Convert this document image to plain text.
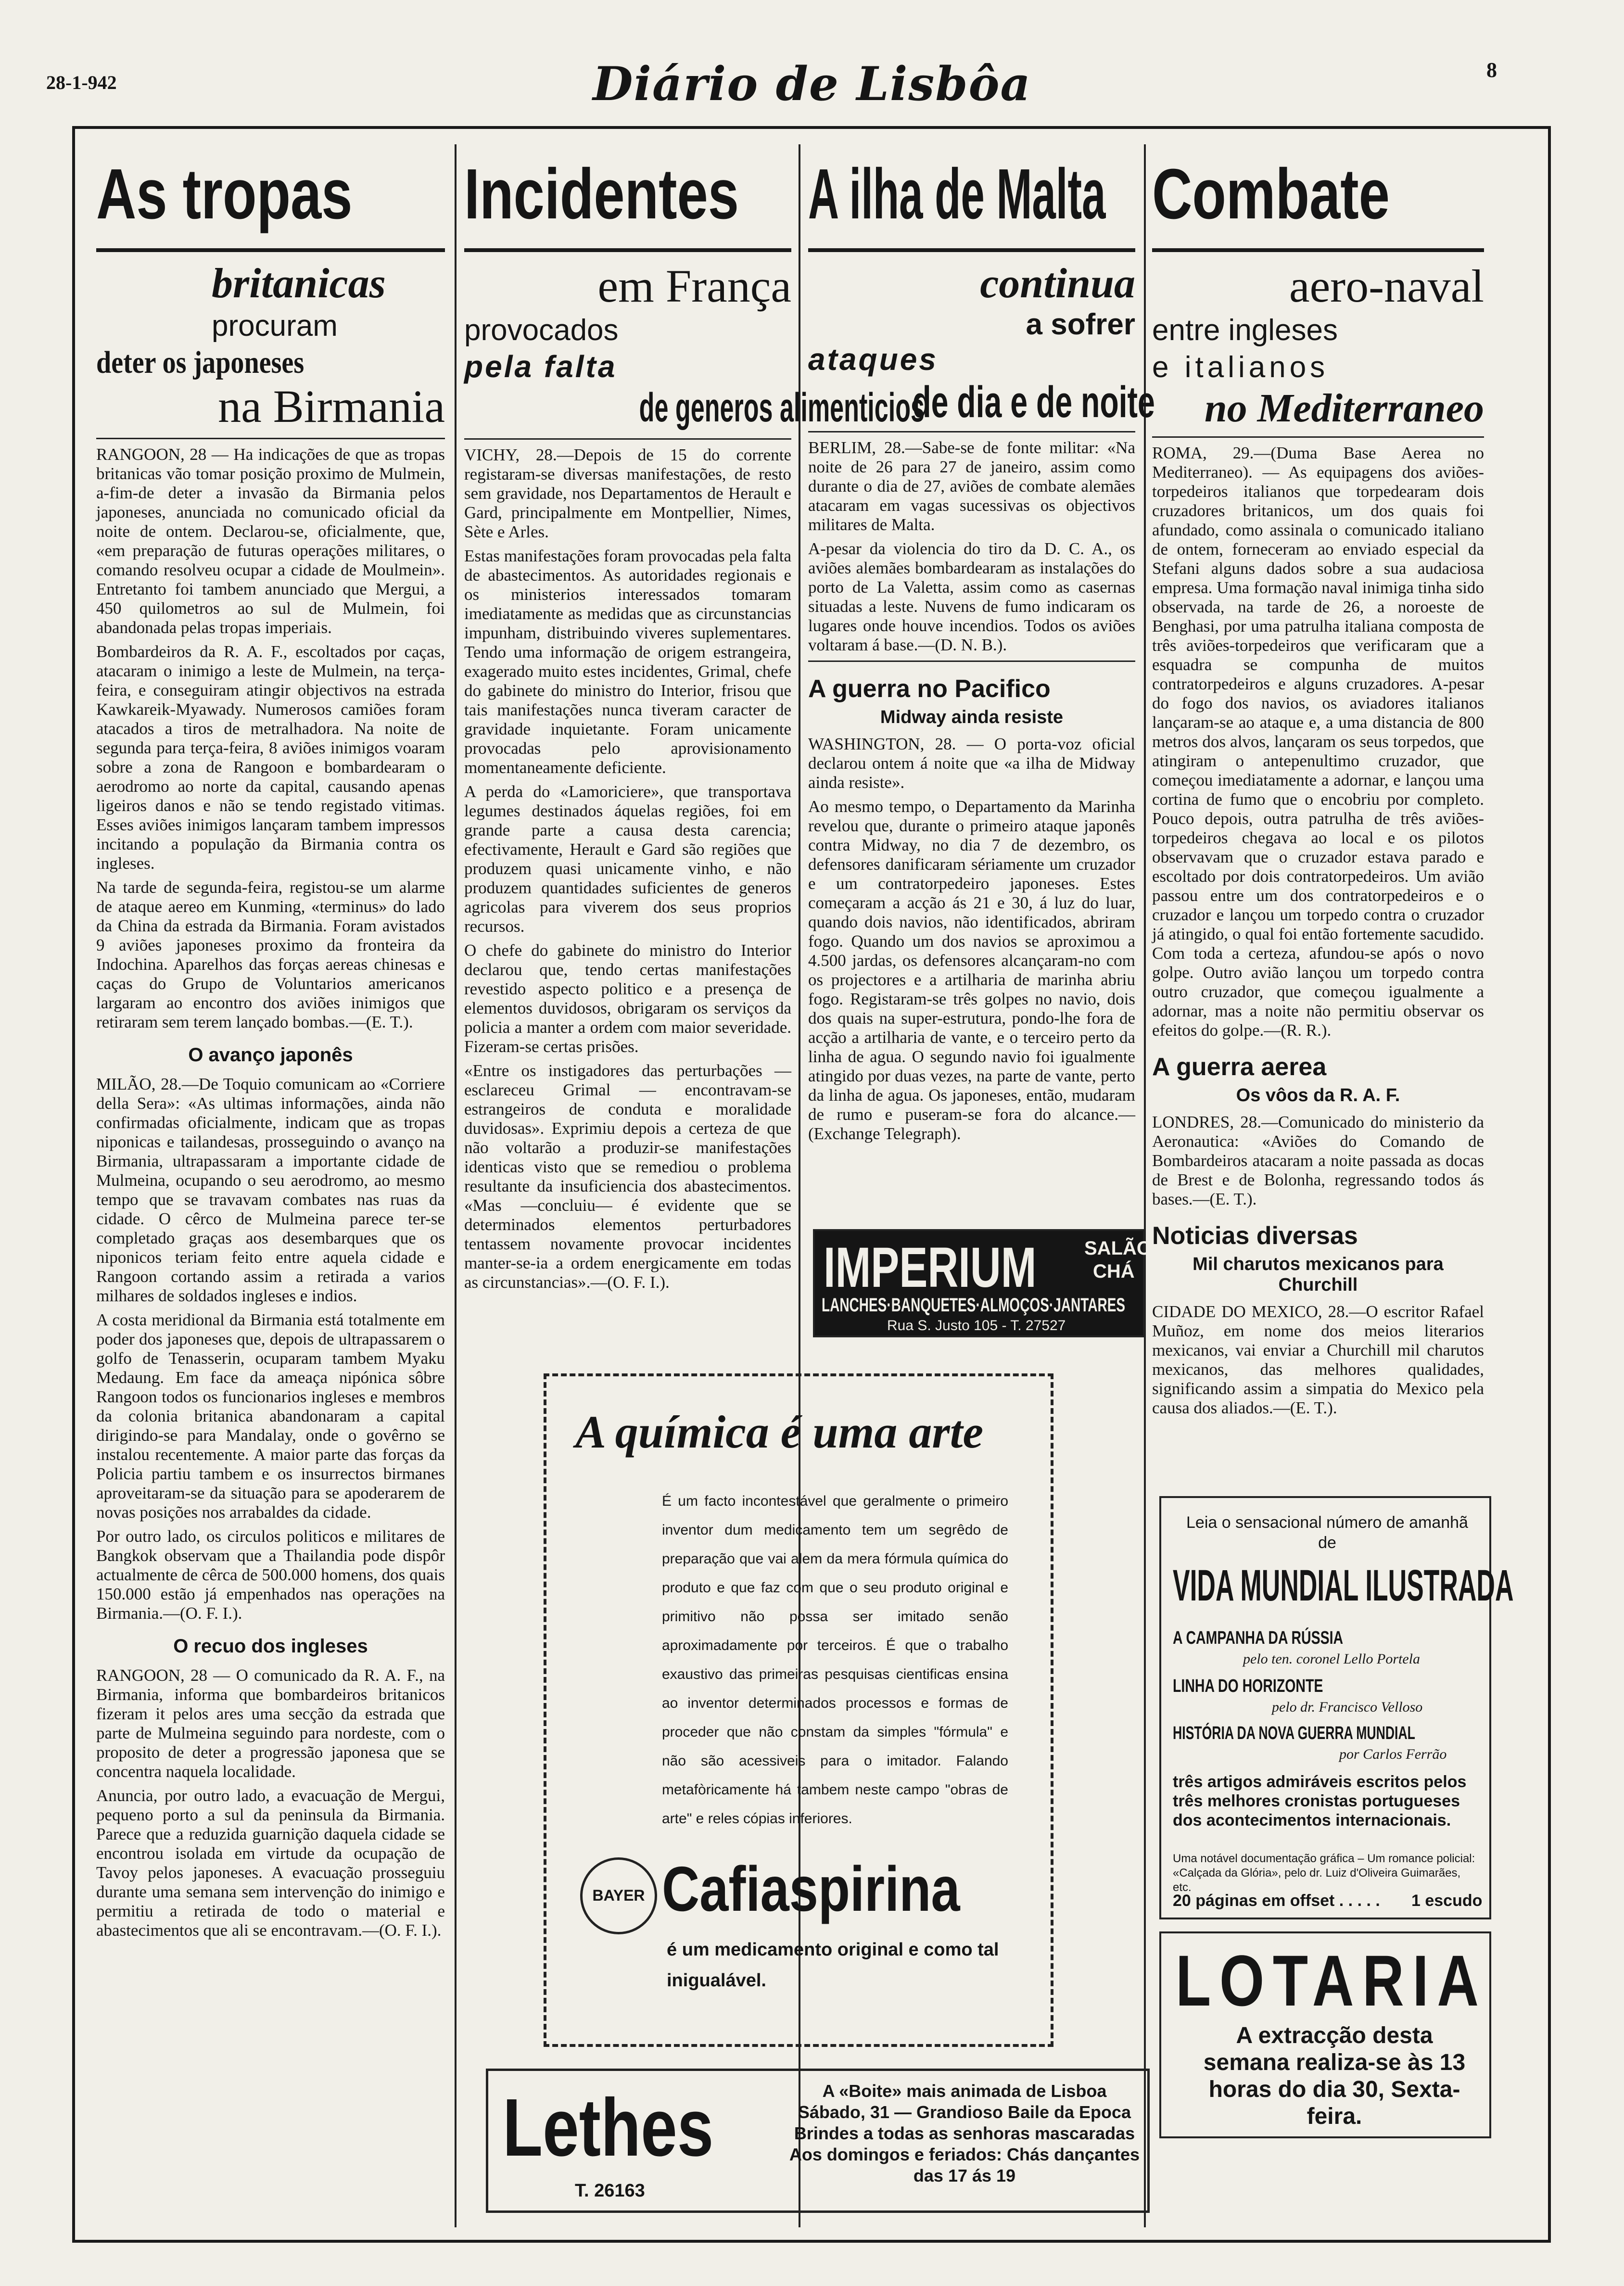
28-1-942	Diário de Lisbôa	8
As tropas
britanicas
procuram
deter os japoneses
na Birmania

RANGOON, 28 — Ha indicações de que as tropas britanicas vão tomar posição proximo de Mulmein, a-fim-de deter a invasão da Birmania pelos japoneses, anunciada no comunicado oficial da noite de ontem. Declarou-se, oficialmente, que, «em preparação de futuras operações militares, o comando resolveu ocupar a cidade de Moulmein». Entretanto foi tambem anunciado que Mergui, a 450 quilometros ao sul de Mulmein, foi abandonada pelas tropas imperiais.

Bombardeiros da R. A. F., escoltados por caças, atacaram o inimigo a leste de Mulmein, na terça-feira, e conseguiram atingir objectivos na estrada Kawkareik-Myawady. Numerosos camiões foram atacados a tiros de metralhadora. Na noite de segunda para terça-feira, 8 aviões inimigos voaram sobre a zona de Rangoon e bombardearam o aerodromo ao norte da capital, causando apenas ligeiros danos e não se tendo registado vitimas. Esses aviões inimigos lançaram tambem impressos incitando a população da Birmania contra os ingleses.

Na tarde de segunda-feira, registou-se um alarme de ataque aereo em Kunming, «terminus» do lado da China da estrada da Birmania. Foram avistados 9 aviões japoneses proximo da fronteira da Indochina. Aparelhos das forças aereas chinesas e caças do Grupo de Voluntarios americanos largaram ao encontro dos aviões inimigos que retiraram sem terem lançado bombas.—(E. T.).

O avanço japonês

MILÃO, 28.—De Toquio comunicam ao «Corriere della Sera»: «As ultimas informações, ainda não confirmadas oficialmente, indicam que as tropas niponicas e tailandesas, prosseguindo o avanço na Birmania, ultrapassaram a importante cidade de Mulmeina, ocupando o seu aerodromo, ao mesmo tempo que se travavam combates nas ruas da cidade. O cêrco de Mulmeina parece ter-se completado graças aos desembarques que os niponicos teriam feito entre aquela cidade e Rangoon cortando assim a retirada a varios milhares de soldados ingleses e indios.

A costa meridional da Birmania está totalmente em poder dos japoneses que, depois de ultrapassarem o golfo de Tenasserin, ocuparam tambem Myaku Medaung. Em face da ameaça nipónica sôbre Rangoon todos os funcionarios ingleses e membros da colonia britanica abandonaram a capital dirigindo-se para Mandalay, onde o govêrno se instalou recentemente. A maior parte das forças da Policia partiu tambem e os insurrectos birmanes aproveitaram-se da situação para se apoderarem de novas posições nos arrabaldes da cidade.

Por outro lado, os circulos politicos e militares de Bangkok observam que a Thailandia pode dispôr actualmente de cêrca de 500.000 homens, dos quais 150.000 estão já empenhados nas operações na Birmania.—(O. F. I.).

O recuo dos ingleses

RANGOON, 28 — O comunicado da R. A. F., na Birmania, informa que bombardeiros britanicos fizeram it pelos ares uma secção da estrada que parte de Mulmeina seguindo para nordeste, com o proposito de deter a progressão japonesa que se concentra naquela localidade.

Anuncia, por outro lado, a evacuação de Mergui, pequeno porto a sul da peninsula da Birmania. Parece que a reduzida guarnição daquela cidade se encontrou isolada em virtude da ocupação de Tavoy pelos japoneses. A evacuação prosseguiu durante uma semana sem intervenção do inimigo e permitiu a retirada de todo o material e abastecimentos que ali se encontravam.—(O. F. I.).

Incidentes
em França
provocados
pela falta
de generos alimenticios

VICHY, 28.—Depois de 15 do corrente registaram-se diversas manifestações, de resto sem gravidade, nos Departamentos de Herault e Gard, principalmente em Montpellier, Nimes, Sète e Arles.

Estas manifestações foram provocadas pela falta de abastecimentos. As autoridades regionais e os ministerios interessados tomaram imediatamente as medidas que as circunstancias impunham, distribuindo viveres suplementares. Tendo uma informação de origem estrangeira, exagerado muito estes incidentes, Grimal, chefe do gabinete do ministro do Interior, frisou que tais manifestações nunca tiveram caracter de gravidade inquietante. Foram unicamente provocadas pelo aprovisionamento momentaneamente deficiente.

A perda do «Lamoriciere», que transportava legumes destinados áquelas regiões, foi em grande parte a causa desta carencia; efectivamente, Herault e Gard são regiões que produzem quasi unicamente vinho, e não produzem quantidades suficientes de generos agricolas para viverem dos seus proprios recursos.

O chefe do gabinete do ministro do Interior declarou que, tendo certas manifestações revestido aspecto politico e a presença de elementos duvidosos, obrigaram os serviços da policia a manter a ordem com maior severidade. Fizeram-se certas prisões.

«Entre os instigadores das perturbações — esclareceu Grimal — encontravam-se estrangeiros de conduta e moralidade duvidosas». Exprimiu depois a certeza de que não voltarão a produzir-se manifestações identicas visto que se remediou o problema resultante da insuficiencia dos abastecimentos. «Mas —concluiu— é evidente que se determinados elementos perturbadores tentassem novamente provocar incidentes manter-se-ia a ordem energicamente em todas as circunstancias».—(O. F. I.).

A ilha de Malta
continua
a sofrer
ataques
de dia e de noite

BERLIM, 28.—Sabe-se de fonte militar: «Na noite de 26 para 27 de janeiro, assim como durante o dia de 27, aviões de combate alemães atacaram em vagas sucessivas os objectivos militares de Malta.

A-pesar da violencia do tiro da D. C. A., os aviões alemães bombardearam as instalações do porto de La Valetta, assim como as casernas situadas a leste. Nuvens de fumo indicaram os lugares onde houve incendios. Todos os aviões voltaram á base.—(D. N. B.).

A guerra no Pacifico
Midway ainda resiste

WASHINGTON, 28. — O porta-voz oficial declarou ontem á noite que «a ilha de Midway ainda resiste».

Ao mesmo tempo, o Departamento da Marinha revelou que, durante o primeiro ataque japonês contra Midway, no dia 7 de dezembro, os defensores danificaram sériamente um cruzador e um contratorpedeiro japoneses. Estes começaram a acção ás 21 e 30, á luz do luar, quando dois navios, não identificados, abriram fogo. Quando um dos navios se aproximou a 4.500 jardas, os defensores alcançaram-no com os projectores e a artilharia de marinha abriu fogo. Registaram-se três golpes no navio, dois dos quais na super-estrutura, pondo-lhe fora de acção a artilharia de vante, e o terceiro perto da linha de agua. O segundo navio foi igualmente atingido por duas vezes, na parte de vante, perto da linha de agua. Os japoneses, então, mudaram de rumo e puseram-se fora do alcance.—(Exchange Telegraph).

Combate
aero-naval
entre ingleses
e italianos
no Mediterraneo

ROMA, 29.—(Duma Base Aerea no Mediterraneo). — As equipagens dos aviões-torpedeiros italianos que torpedearam dois cruzadores britanicos, um dos quais foi afundado, como assinala o comunicado italiano de ontem, forneceram ao enviado especial da Stefani alguns dados sobre a sua audaciosa empresa. Uma formação naval inimiga tinha sido observada, na tarde de 26, a noroeste de Benghasi, por uma patrulha italiana composta de três aviões-torpedeiros que verificaram que a esquadra se compunha de muitos contratorpedeiros e alguns cruzadores. A-pesar do fogo dos navios, os aviadores italianos lançaram-se ao ataque e, a uma distancia de 800 metros dos alvos, lançaram os seus torpedos, que atingiram o antepenultimo cruzador, que começou imediatamente a adornar, e lançou uma cortina de fumo que o encobriu por completo. Pouco depois, outra patrulha de três aviões-torpedeiros chegava ao local e os pilotos observavam que o cruzador estava parado e escoltado por dois contratorpedeiros. Um avião passou entre um dos contratorpedeiros e o cruzador e lançou um torpedo contra o cruzador já atingido, o qual foi então fortemente sacudido. Com toda a certeza, afundou-se após o novo golpe. Outro avião lançou um torpedo contra outro cruzador, que começou igualmente a adornar, mas a noite não permitiu observar os efeitos do golpe.—(R. R.).

A guerra aerea
Os vôos da R. A. F.

LONDRES, 28.—Comunicado do ministerio da Aeronautica: «Aviões do Comando de Bombardeiros atacaram a noite passada as docas de Brest e de Bolonha, regressando todos ás bases.—(E. T.).

Noticias diversas
Mil charutos mexicanos para Churchill

CIDADE DO MEXICO, 28.—O escritor Rafael Muñoz, em nome dos meios literarios mexicanos, vai enviar a Churchill mil charutos mexicanos, das melhores qualidades, significando assim a simpatia do Mexico pela causa dos aliados.—(E. T.).

IMPERIUM SALÃO
CHÁ
LANCHES·BANQUETES·ALMOÇOS·JANTARES
Rua S. Justo 105 - T. 27527
A química é uma arte
É um facto incontestável que geralmente o primeiro inventor dum medicamento tem um segrêdo de preparação que vai alem da mera fórmula química do produto e que faz com que o seu produto original e primitivo não possa ser imitado senão aproximadamente por terceiros. É que o trabalho exaustivo das primeiras pesquisas cientificas ensina ao inventor determinados processos e formas de proceder que não constam da simples "fórmula" e não são acessiveis para o imitador. Falando metafòricamente há tambem neste campo "obras de arte" e reles cópias inferiores.
BAYER Cafiaspirina
é um medicamento original e como tal inigualável.
Leia o sensacional número de amanhã de
VIDA MUNDIAL ILUSTRADA
A CAMPANHA DA RÚSSIA
pelo ten. coronel Lello Portela
LINHA DO HORIZONTE
pelo dr. Francisco Velloso
HISTÓRIA DA NOVA GUERRA MUNDIAL
por Carlos Ferrão
três artigos admiráveis escritos pelos três melhores cronistas portugueses dos acontecimentos internacionais.
Uma notável documentação gráfica – Um romance policial: «Calçada da Glória», pelo dr. Luiz d'Oliveira Guimarães, etc.
20 páginas em offset . . . . . 1 escudo
LOTARIA
A extracção desta semana realiza-se às 13 horas do dia 30, Sexta-feira.
Lethes
T. 26163
A «Boite» mais animada de Lisboa
Sábado, 31 — Grandioso Baile da Epoca
Brindes a todas as senhoras mascaradas
Aos domingos e feriados: Chás dançantes das 17 ás 19
